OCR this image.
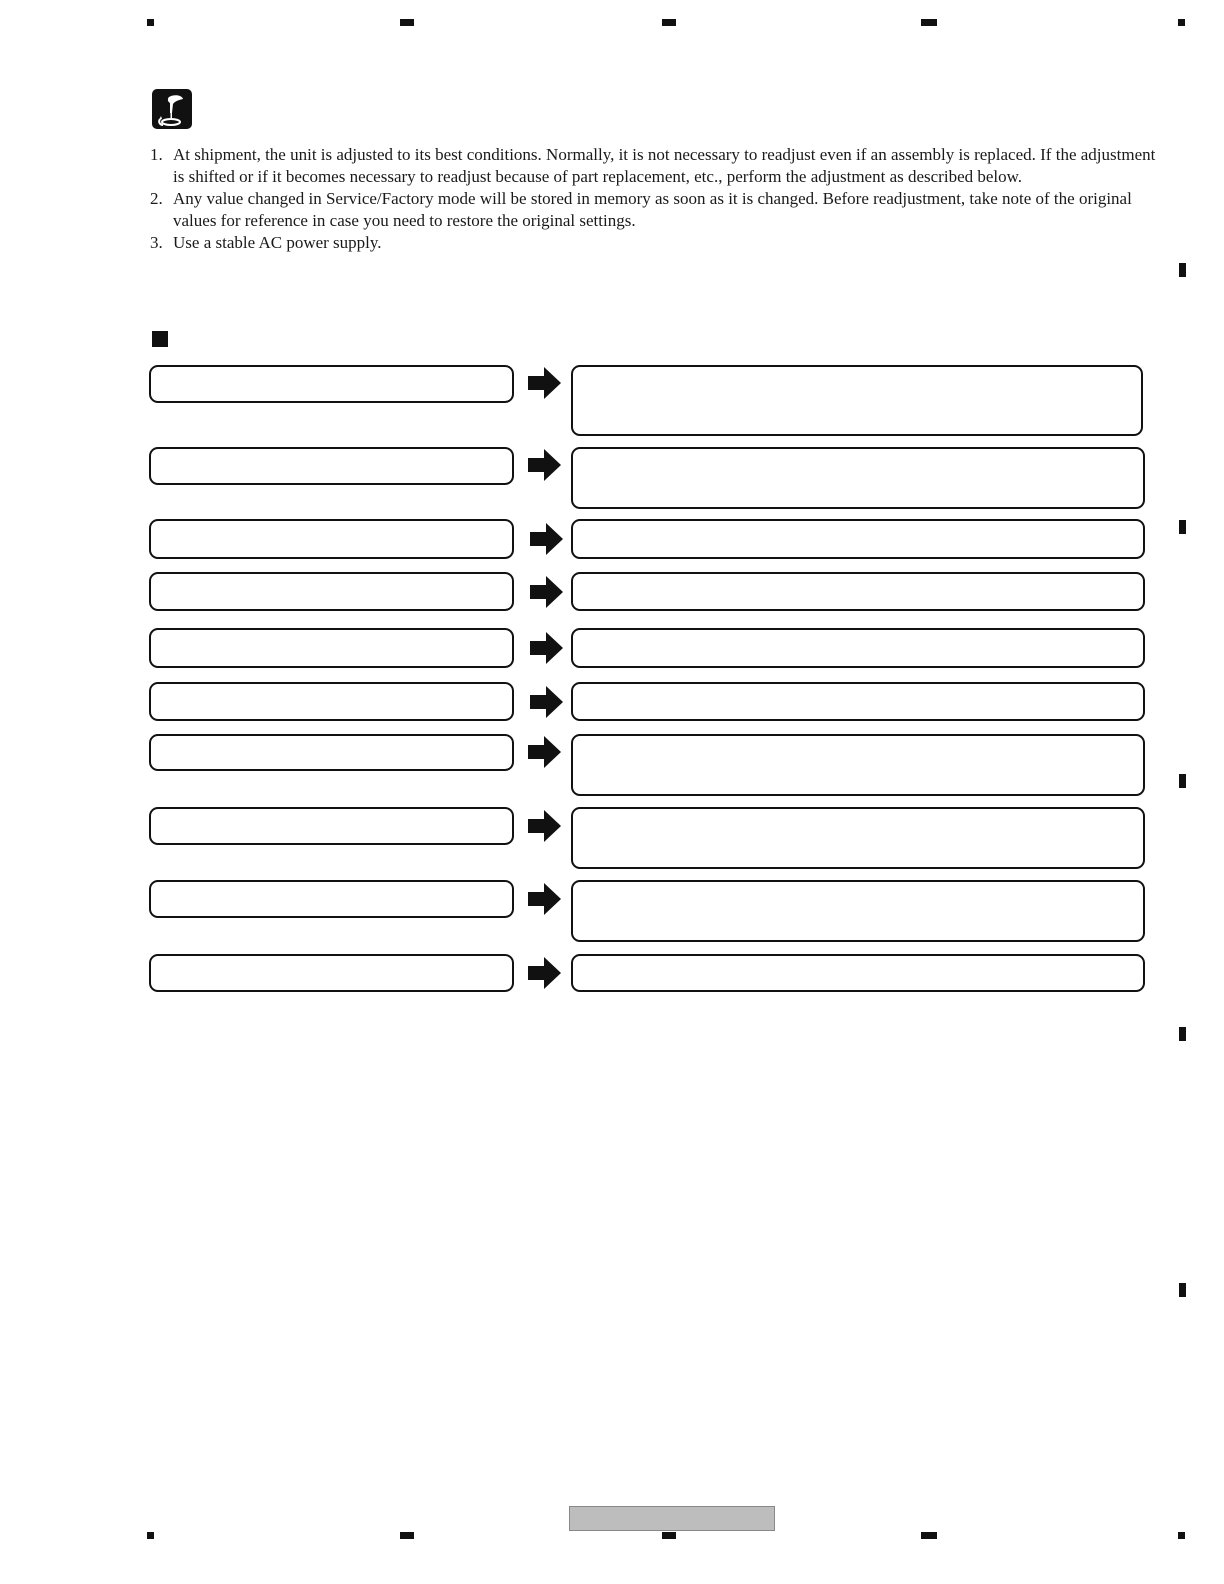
1. At shipment, the unit is adjusted to its best conditions. Normally, it is not necessary to readjust even if an assembly is replaced. If the adjustment is shifted or if it becomes necessary to readjust because of part replacement, etc., perform the adjustment as described below.
2. Any value changed in Service/Factory mode will be stored in memory as soon as it is changed. Before readjustment, take note of the original values for reference in case you need to restore the original settings.
3. Use a stable AC power supply.
